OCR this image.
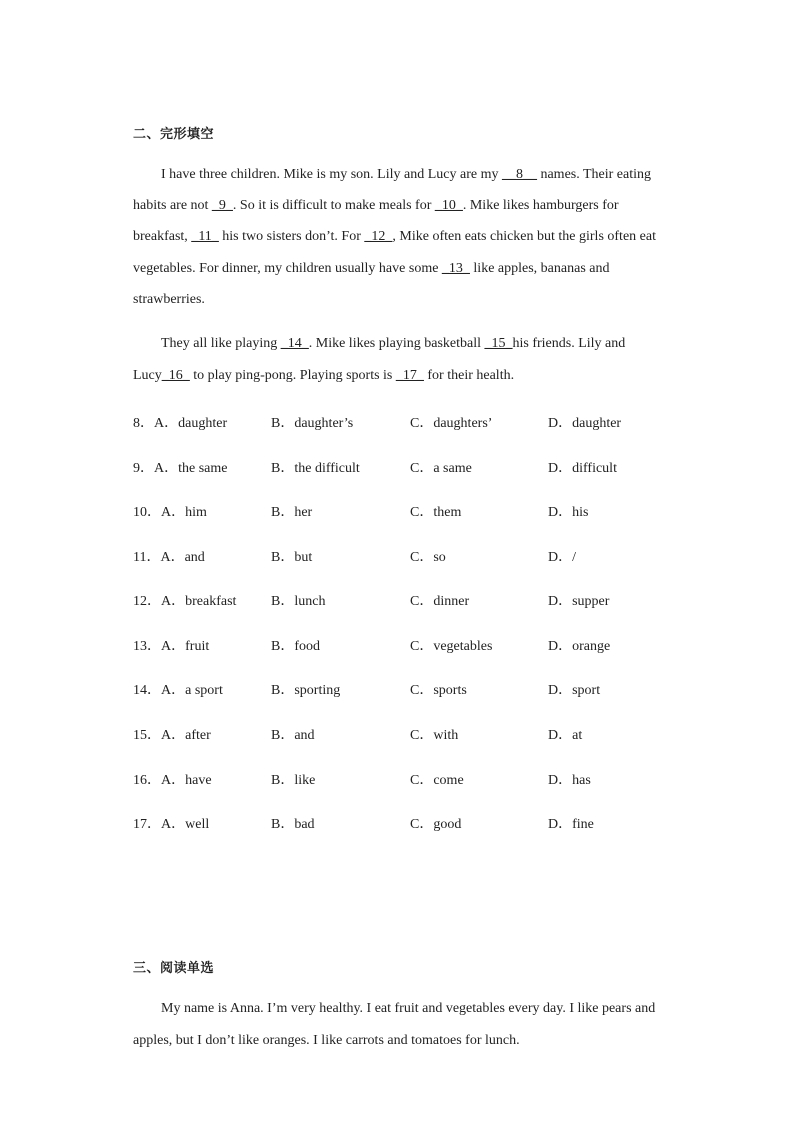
二、完形填空
I have three children. Mike is my son. Lily and Lucy are my __8__ names. Their eating
habits are not _9_. So it is difficult to make meals for _10_. Mike likes hamburgers for
breakfast, _11_ his two sisters don’t. For _12_, Mike often eats chicken but the girls often eat
vegetables. For dinner, my children usually have some _13_ like apples, bananas and
strawberries.
They all like playing _14_. Mike likes playing basketball _15_his friends. Lily and
Lucy_16_ to play ping-pong. Playing sports is _17_ for their health.
8．A．daughter	B．daughter’s	C．daughters’	D．daughter
9．A．the same	B．the difficult	C．a same	D．difficult
10．A．him	B．her	C．them	D．his
11．A．and	B．but	C．so	D．/
12．A．breakfast B．lunch	C．dinner	D．supper
13．A．fruit	B．food	C．vegetables	D．orange
14．A．a sport	B．sporting	C．sports	D．sport
15．A．after	B．and	C．with	D．at
16．A．have	B．like	C．come	D．has
17．A．well	B．bad	C．good	D．fine
三、阅读单选
My name is Anna. I’m very healthy. I eat fruit and vegetables every day. I like pears and
apples, but I don’t like oranges. I like carrots and tomatoes for lunch.
